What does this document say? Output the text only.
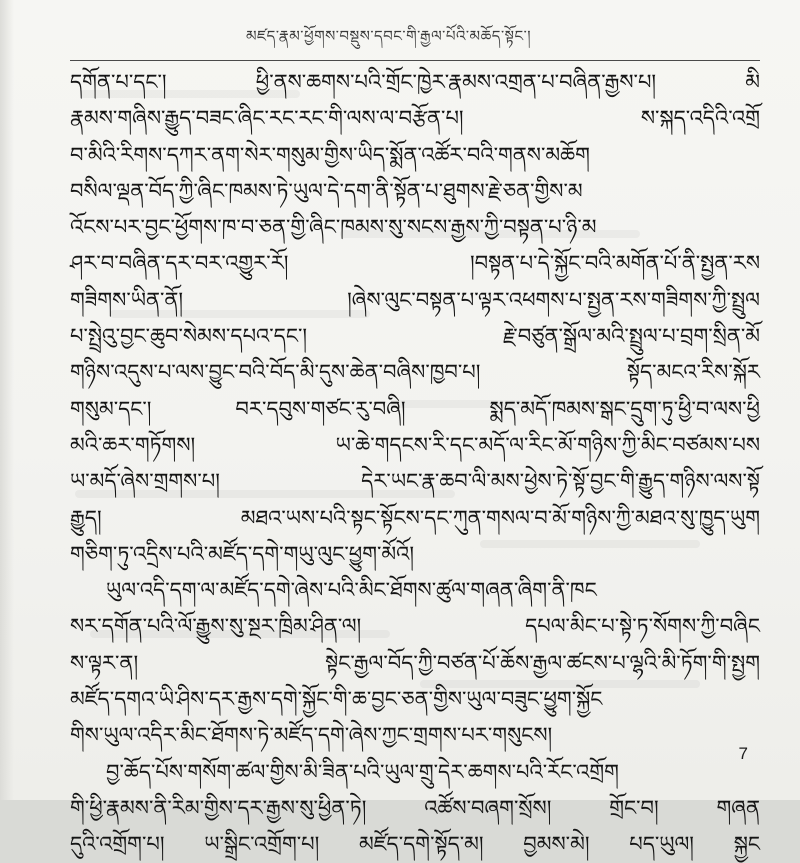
མཛད་རྣམ་ཕྱོགས་བསྡུས་དབང་གི་རྒྱལ་པོའི་མཆོད་སྟོང་།
དགོན་པ་དང་། ཕྱི་ནས་ཆགས་པའི་གྲོང་ཁྱེར་རྣམས་འགྲན་པ་བཞིན་རྒྱས་པ། མི
རྣམས་གཞིས་རྒྱུད་བཟང་ཞིང་རང་རང་གི་ལས་ལ་བརྩོན་པ། ས་སྐད་འདིའི་འགྲོ
བ་མིའི་རིགས་དཀར་ནག་སེར་གསུམ་གྱིས་ཡིད་སྨོན་འཚོར་བའི་གནས་མཆོག
བསིལ་ལྡན་བོད་ཀྱི་ཞིང་ཁམས་ཏེ་ཡུལ་དེ་དག་ནི་སྟོན་པ་ཐུགས་རྗེ་ཅན་གྱིས་མ
འོངས་པར་བྱང་ཕྱོགས་ཁ་བ་ཅན་གྱི་ཞིང་ཁམས་སུ་སངས་རྒྱས་ཀྱི་བསྟན་པ་ཉི་མ
ཤར་བ་བཞིན་དར་བར་འགྱུར་རོ། །བསྟན་པ་དེ་སྐྱོང་བའི་མགོན་པོ་ནི་སྤྱན་རས
གཟིགས་ཡིན་ནོ། །ཞེས་ལུང་བསྟན་པ་ལྟར་འཕགས་པ་སྤྱན་རས་གཟིགས་ཀྱི་སྤྲུལ
པ་སྤྲེའུ་བྱང་ཆུབ་སེམས་དཔའ་དང་། རྗེ་བཙུན་སྒྲོལ་མའི་སྤྲུལ་པ་བྲག་སྲིན་མོ
གཉིས་འདུས་པ་ལས་བྱུང་བའི་བོད་མི་དུས་ཆེན་བཞིས་ཁྱབ་པ། སྟོད་མངའ་རིས་སྐོར
གསུམ་དང་། བར་དབུས་གཙང་རུ་བཞི། སྨད་མདོ་ཁམས་སྒང་དྲུག་ཏུ་ཕྱི་བ་ལས་ཕྱི
མའི་ཆར་གཏོགས། ཡ་ཆེ་གདངས་རི་དང་མདོ་ལ་རིང་མོ་གཉིས་ཀྱི་མིང་བཙམས་པས
ཡ་མདོ་ཞེས་གྲགས་པ། དེར་ཡང་རྣ་ཆབ་ལི་མས་ཕྱེས་ཏེ་སྟོ་བྱང་གི་རྒྱུད་གཉིས་ལས་སྟོ
རྒྱུད། མཐའ་ཡས་པའི་སྟང་སྟོངས་དང་ཀུན་གསལ་བ་མོ་གཉིས་ཀྱི་མཐའ་སུ་ཁྱུད་ཡུག
གཅིག་ཏུ་འདྲིས་པའི་མཛོད་དགེ་གཡུ་ལུང་ཕྱུག་མོའོ།
ཡུལ་འདི་དག་ལ་མཛོད་དགེ་ཞེས་པའི་མིང་ཐོགས་ཚུལ་གཞན་ཞིག་ནི་ཁང
སར་དགོན་པའི་ལོ་རྒྱུས་སུ་སྔར་ཁྲིམ་ཤིན་ལ། དཔལ་མིང་པ་སྟེ་ཏ་སོགས་ཀྱི་བཞིང
ས་ལྟར་ན། སྟེང་རྒྱལ་བོད་ཀྱི་བཙན་པོ་ཆོས་རྒྱལ་ཚངས་པ་ལྷའི་མི་ཏོག་གི་སྤྱག
མཛོད་དགའ་ཡི་ཤིས་དར་རྒྱས་དགེ་སྐྱོང་གི་ཆ་བྱང་ཅན་གྱིས་ཡུལ་བཟུང་ཕྱུག་སྐྱོང
གིས་ཡུལ་འདིར་མིང་ཐོགས་ཏེ་མཛོད་དགེ་ཞེས་ཀྱང་གྲགས་པར་གསུངས།
བྱ་ཆོད་པོས་གསོག་ཚལ་གྱིས་མི་ཟིན་པའི་ཡུལ་གྲུ་དེར་ཆགས་པའི་རོང་འགྲོག
གི་ཕྱི་རྣམས་ནི་རིམ་གྱིས་དར་རྒྱས་སུ་ཕྱིན་ཏེ། འཚོས་བཞག་སྲོས། གྲོང་བ། གཞན
དུའི་འགྲོག་པ། ཡ་སྒྲིང་འགྲོག་པ། མཛོད་དགེ་སྟོད་མ། བྱམས་མེ། པད་ཡུལ། སྐྱང
7
